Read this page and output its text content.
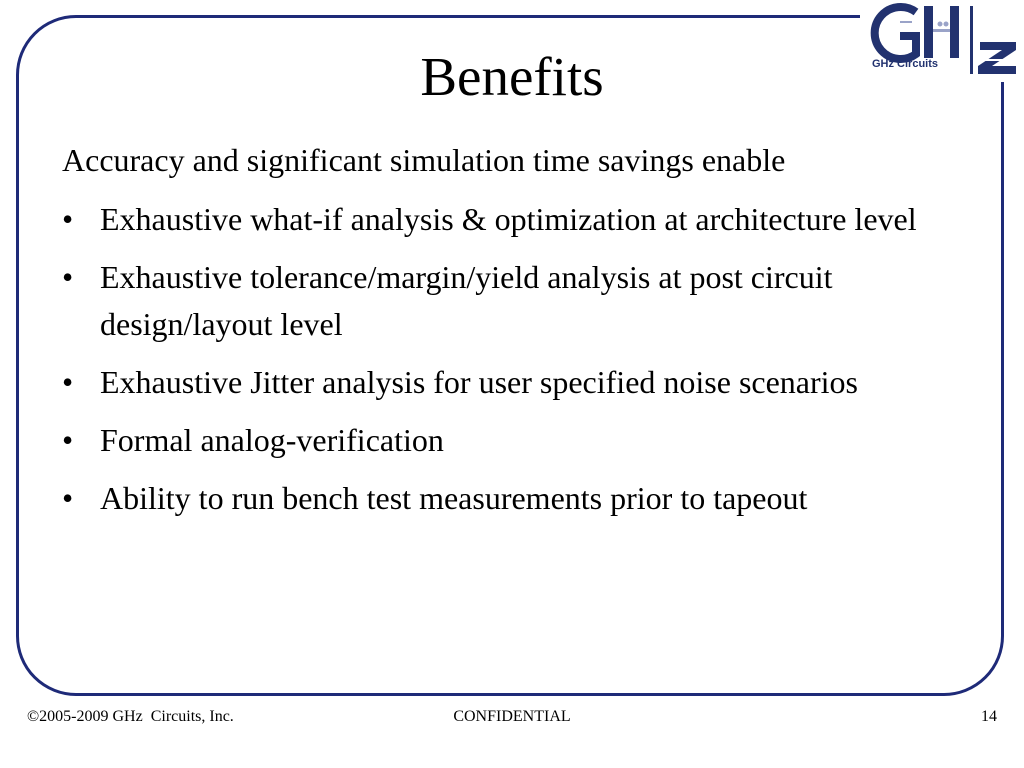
GHz Circuits
Benefits

Accuracy and significant simulation time savings enable

• Exhaustive what-if analysis & optimization at architecture level
• Exhaustive tolerance/margin/yield analysis at post circuit design/layout level
• Exhaustive Jitter analysis for user specified noise scenarios
• Formal analog-verification
• Ability to run bench test measurements prior to tapeout
©2005-2009 GHz  Circuits, Inc.	CONFIDENTIAL	14
